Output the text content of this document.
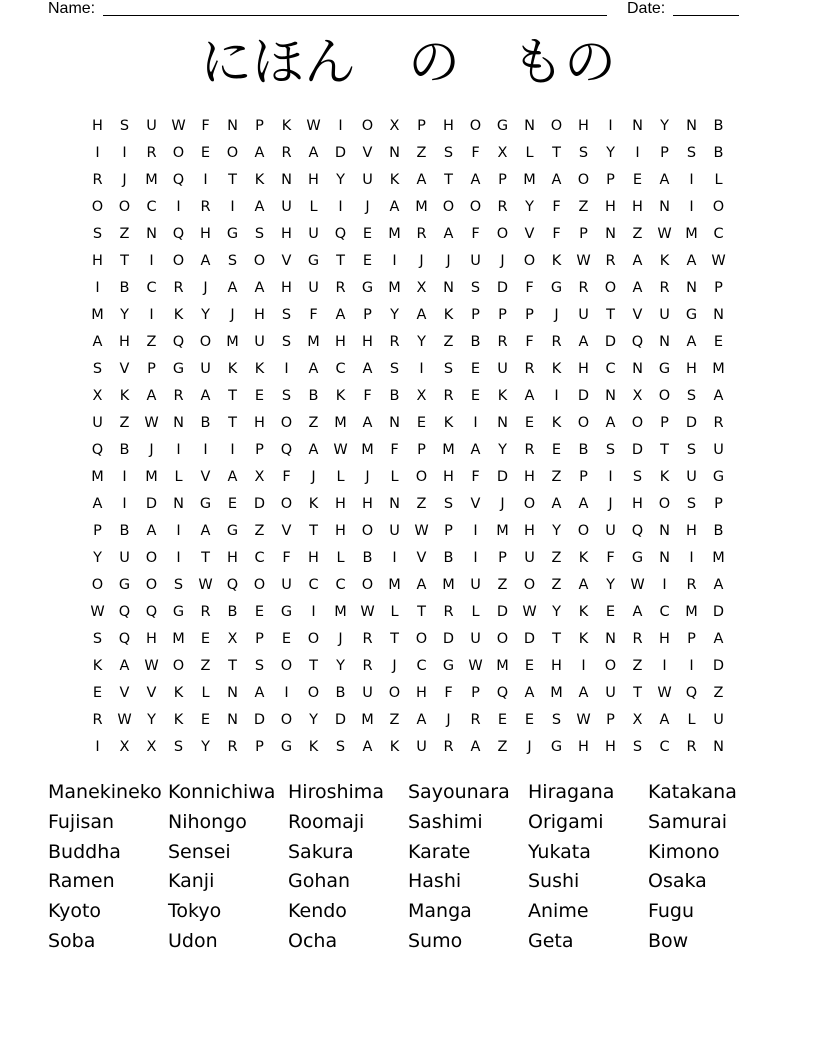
Name:	Date:
にほん　の　もの
H	S	U	W	F	N	P	K	W	I	O	X	P	H	O	G	N	O	H	I	N	Y	N	B
I	I	R	O	E	O	A	R	A	D	V	N	Z	S	F	X	L	T	S	Y	I	P	S	B
R	J	M	Q	I	T	K	N	H	Y	U	K	A	T	A	P	M	A	O	P	E	A	I	L
O	O	C	I	R	I	A	U	L	I	J	A	M	O	O	R	Y	F	Z	H	H	N	I	O
S	Z	N	Q	H	G	S	H	U	Q	E	M	R	A	F	O	V	F	P	N	Z	W M	C
H	T	I	O	A	S	O	V	G	T	E	I	J	J	U	J	O	K	W	R	A	K	A	W
I	B	C	R	J	A	A	H	U	R	G	M	X	N	S	D	F	G	R	O	A	R	N	P
M	Y	I	K	Y	J	H	S	F	A	P	Y	A	K	P	P	P	J	U	T	V	U	G	N
A	H	Z	Q	O	M	U	S	M	H	H	R	Y	Z	B	R	F	R	A	D	Q	N	A	E
S	V	P	G	U	K	K	I	A	C	A	S	I	S	E	U	R	K	H	C	N	G	H	M
X	K	A	R	A	T	E	S	B	K	F	B	X	R	E	K	A	I	D	N	X	O	S	A
U	Z	W N	B	T	H	O	Z	M	A	N	E	K	I	N	E	K	O	A	O	P	D	R
Q	B	J	I	I	I	P	Q	A	W M	F	P	M	A	Y	R	E	B	S	D	T	S	U
M	I	M	L	V	A	X	F	J	L	J	L	O	H	F	D	H	Z	P	I	S	K	U	G
A	I	D	N	G	E	D	O	K	H	H	N	Z	S	V	J	O	A	A	J	H	O	S	P
P	B	A	I	A	G	Z	V	T	H	O	U	W	P	I	M	H	Y	O	U	Q	N	H	B
Y	U	O	I	T	H	C	F	H	L	B	I	V	B	I	P	U	Z	K	F	G	N	I	M
O	G	O	S	W Q	O	U	C	C	O	M	A	M	U	Z	O	Z	A	Y	W	I	R	A
W Q	Q	G	R	B	E	G	I	M W	L	T	R	L	D W	Y	K	E	A	C	M	D
S	Q	H	M	E	X	P	E	O	J	R	T	O	D	U	O	D	T	K	N	R	H	P	A
K	A	W O	Z	T	S	O	T	Y	R	J	C	G W M	E	H	I	O	Z	I	I	D
E	V	V	K	L	N	A	I	O	B	U	O	H	F	P	Q	A	M	A	U	T	W Q	Z
R	W	Y	K	E	N	D	O	Y	D	M	Z	A	J	R	E	E	S	W	P	X	A	L	U
I	X	X	S	Y	R	P	G	K	S	A	K	U	R	A	Z	J	G	H	H	S	C	R	N
Manekineko Konnichiwa Hiroshima	Sayounara Hiragana	Katakana
Fujisan	Nihongo	Roomaji	Sashimi	Origami	Samurai
Buddha	Sensei	Sakura	Karate	Yukata	Kimono
Ramen	Kanji	Gohan	Hashi	Sushi	Osaka
Kyoto	Tokyo	Kendo	Manga	Anime	Fugu
Soba	Udon	Ocha	Sumo	Geta	Bow
